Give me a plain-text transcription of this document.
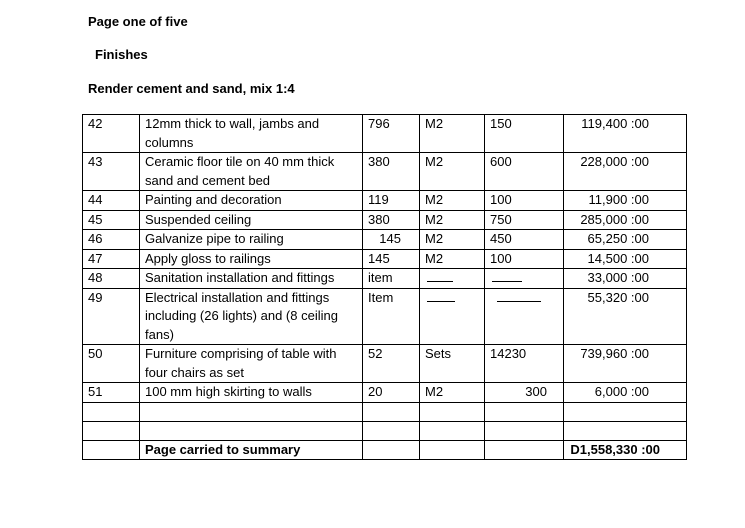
Page one of five
Finishes
Render cement and sand, mix 1:4
42	12mm thick to wall, jambs and columns	796	M2	150	119,400 :00
43	Ceramic floor tile on 40 mm thick sand and cement bed	380	M2	600	228,000 :00
44	Painting and decoration	119	M2	100	11,900 :00
45	Suspended ceiling	380	M2	750	285,000 :00
46	Galvanize pipe to railing	145	M2	450	65,250 :00
47	Apply gloss to railings	145	M2	100	14,500 :00
48	Sanitation installation and fittings	item			33,000 :00
49	Electrical installation and fittings including (26 lights) and (8 ceiling fans)	Item			55,320 :00
50	Furniture comprising of table with four chairs as set	52	Sets	14230	739,960 :00
51	100 mm high skirting to walls	20	M2	300	6,000 :00

	Page carried to summary				D1,558,330 :00
